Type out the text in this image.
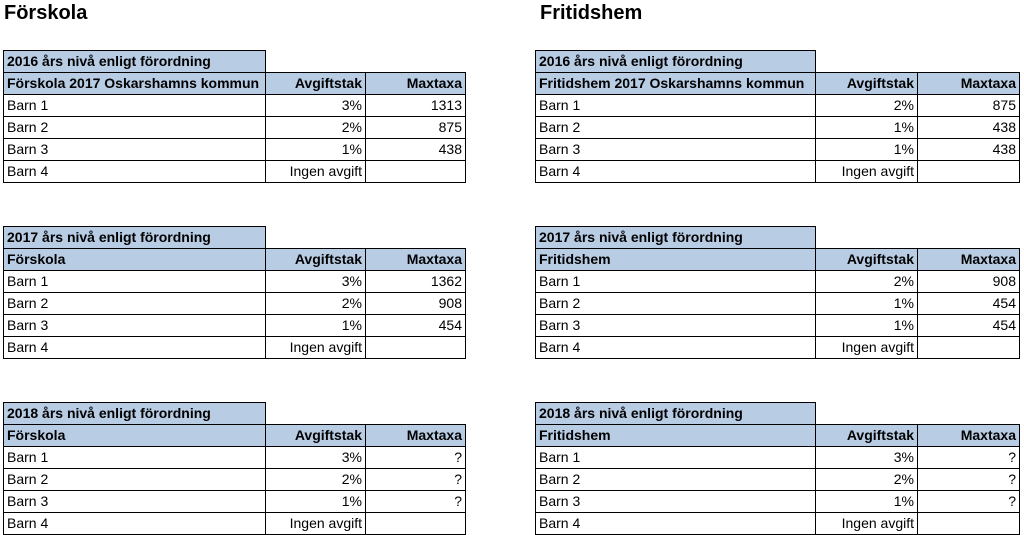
Förskola	Fritidshem
2016 års nivå enligt förordning		
Förskola 2017 Oskarshamns kommun	Avgiftstak	Maxtaxa
Barn 1	3%	1313
Barn 2	2%	875
Barn 3	1%	438
Barn 4	Ingen avgift	
2017 års nivå enligt förordning		
Förskola	Avgiftstak	Maxtaxa
Barn 1	3%	1362
Barn 2	2%	908
Barn 3	1%	454
Barn 4	Ingen avgift	
2018 års nivå enligt förordning		
Förskola	Avgiftstak	Maxtaxa
Barn 1	3%	?
Barn 2	2%	?
Barn 3	1%	?
Barn 4	Ingen avgift	
2016 års nivå enligt förordning		
Fritidshem 2017 Oskarshamns kommun	Avgiftstak	Maxtaxa
Barn 1	2%	875
Barn 2	1%	438
Barn 3	1%	438
Barn 4	Ingen avgift	
2017 års nivå enligt förordning		
Fritidshem	Avgiftstak	Maxtaxa
Barn 1	2%	908
Barn 2	1%	454
Barn 3	1%	454
Barn 4	Ingen avgift	
2018 års nivå enligt förordning		
Fritidshem	Avgiftstak	Maxtaxa
Barn 1	3%	?
Barn 2	2%	?
Barn 3	1%	?
Barn 4	Ingen avgift	
